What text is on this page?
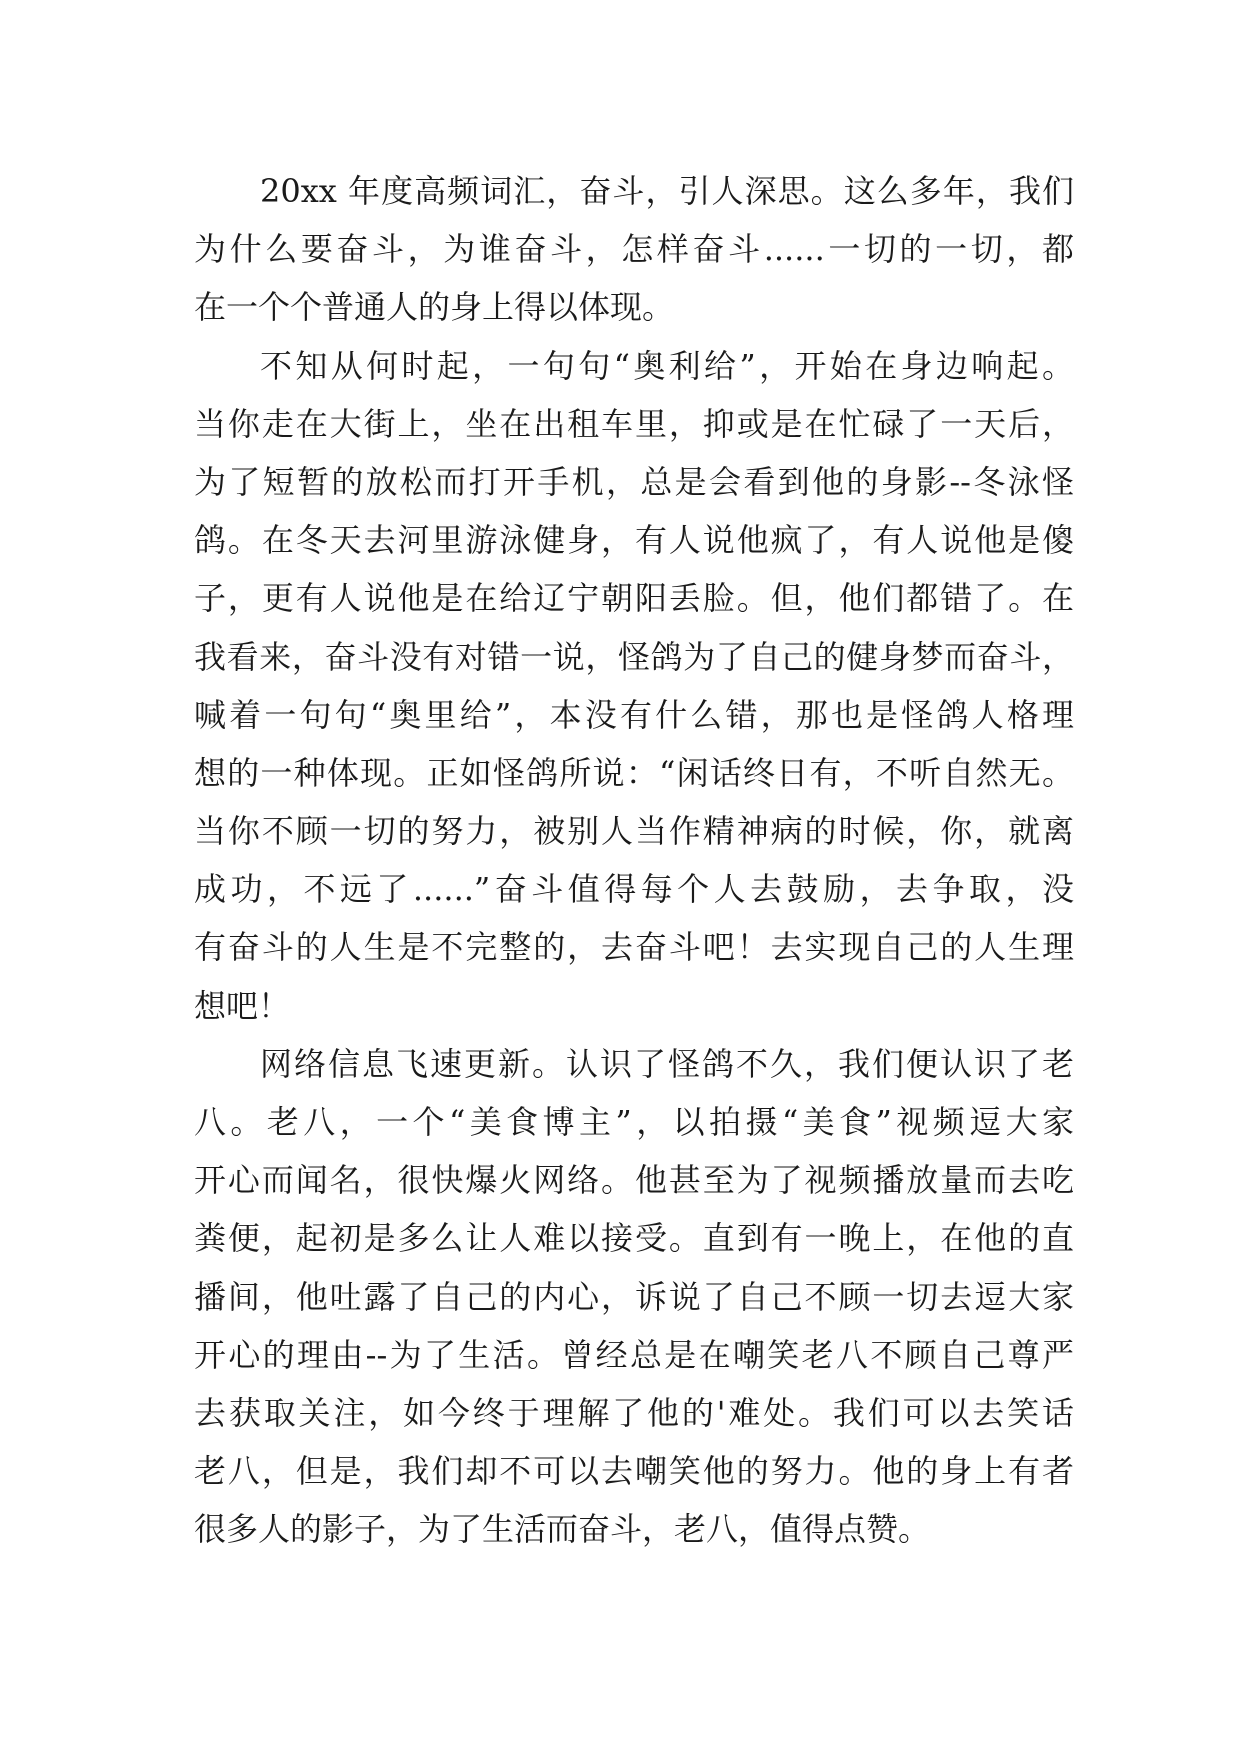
20xx 年度高频词汇，奋斗，引人深思。这么多年，我们
为什么要奋斗，为谁奋斗，怎样奋斗......一切的一切，都
在一个个普通人的身上得以体现。
不知从何时起，一句句“奥利给”，开始在身边响起。
当你走在大街上，坐在出租车里，抑或是在忙碌了一天后，
为了短暂的放松而打开手机，总是会看到他的身影--冬泳怪
鸽。在冬天去河里游泳健身，有人说他疯了，有人说他是傻
子，更有人说他是在给辽宁朝阳丢脸。但，他们都错了。在
我看来，奋斗没有对错一说，怪鸽为了自己的健身梦而奋斗，
喊着一句句“奥里给”，本没有什么错，那也是怪鸽人格理
想的一种体现。正如怪鸽所说：“闲话终日有，不听自然无。
当你不顾一切的努力，被别人当作精神病的时候，你，就离
成功，不远了......”奋斗值得每个人去鼓励，去争取，没
有奋斗的人生是不完整的，去奋斗吧！去实现自己的人生理
想吧！
网络信息飞速更新。认识了怪鸽不久，我们便认识了老
八。老八，一个“美食博主”，以拍摄“美食”视频逗大家
开心而闻名，很快爆火网络。他甚至为了视频播放量而去吃
粪便，起初是多么让人难以接受。直到有一晚上，在他的直
播间，他吐露了自己的内心，诉说了自己不顾一切去逗大家
开心的理由--为了生活。曾经总是在嘲笑老八不顾自己尊严
去获取关注，如今终于理解了他的'难处。我们可以去笑话
老八，但是，我们却不可以去嘲笑他的努力。他的身上有者
很多人的影子，为了生活而奋斗，老八，值得点赞。
